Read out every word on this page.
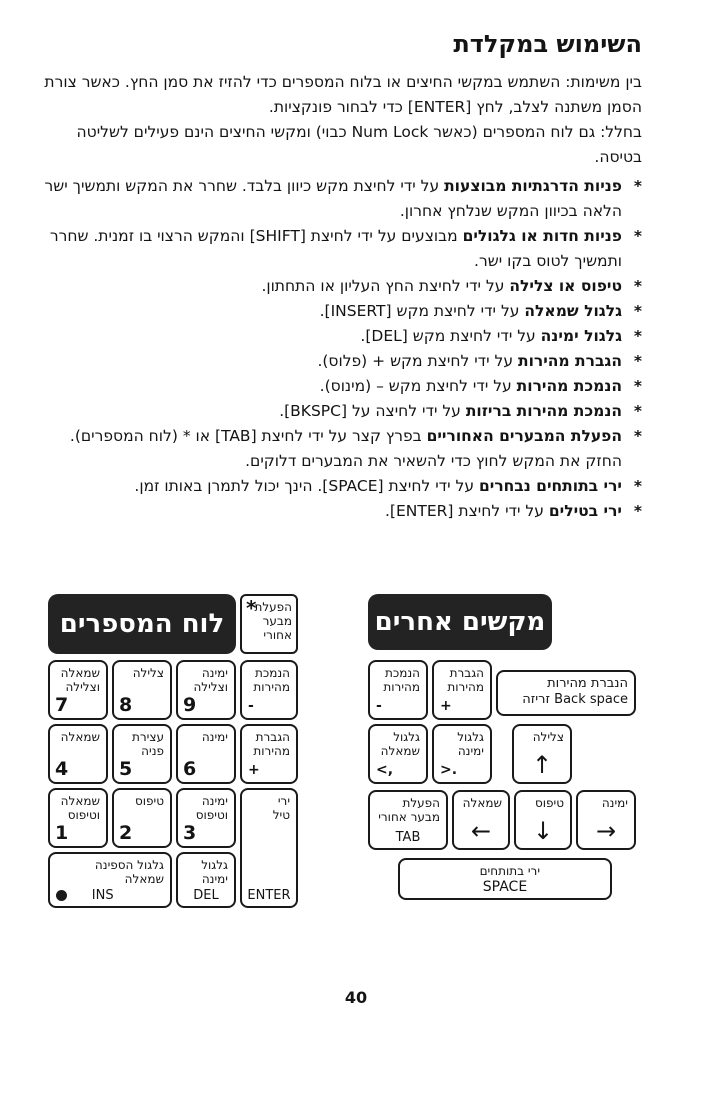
השימוש במקלדת

בין משימות: השתמש במקשי החיצים או בלוח המספרים כדי להזיז את סמן החץ. כאשר צורת הסמן משתנה לצלב, לחץ [ENTER] כדי לבחור פונקציות.

בחלל: גם לוח המספרים (כאשר Num Lock כבוי) ומקשי החיצים הינם פעילים לשליטה בטיסה.

*
פניות הדרגתיות מבוצעות על ידי לחיצת מקש כיוון בלבד. שחרר את המקש ותמשיך ישר הלאה בכיוון המקש שנלחץ אחרון.
*
פניות חדות או גלגולים מבוצעים על ידי לחיצת [SHIFT] והמקש הרצוי בו זמנית. שחרר ותמשיך לטוס בקו ישר.
*
טיפוס או צלילה על ידי לחיצת החץ העליון או התחתון.
*
גלגול שמאלה על ידי לחיצת מקש [INSERT].
*
גלגול ימינה על ידי לחיצת מקש [DEL].
*
הגברת מהירות על ידי לחיצת מקש + (פלוס).
*
הנמכת מהירות על ידי לחיצת מקש – (מינוס).
*
הנמכת מהירות בריזות על ידי לחיצה על [BKSPC].
*
הפעלת המבערים האחוריים בפרץ קצר על ידי לחיצת [TAB] או * (לוח המספרים). החזק את המקש לחוץ כדי להשאיר את המבערים דלוקים.
*
ירי בתותחים נבחרים על ידי לחיצת [SPACE]. הינך יכול לתמרן באותו זמן.
*
ירי בטילים על ידי לחיצת [ENTER].
לוח המספרים
*
הפעלת
מבער
אחורי
שמאלה
וצלילה
7
צלילה
8
ימינה
וצלילה
9
הנמכת
מהירות
-
שמאלה
4
עצירת
פניה
5
ימינה
6
הגברת
מהירות
+
שמאלה
וטיפוס
1
טיפוס
2
ימינה
וטיפוס
3
ירי
טיל
ENTER
גלגול הספינה שמאלה
INS
גלגול
ימינה
DEL
מקשים אחרים
הנמכת
מהירות
-
הגברת
מהירות
+
הנברת מהירות
Back space זריזה
גלגול
שמאלה
<,
גלגול
ימינה
>.
צלילה
↑
הפעלת
מבער אחורי
TAB
שמאלה
←
טיפוס
↓
ימינה
→
ירי בתותחים
SPACE
40
